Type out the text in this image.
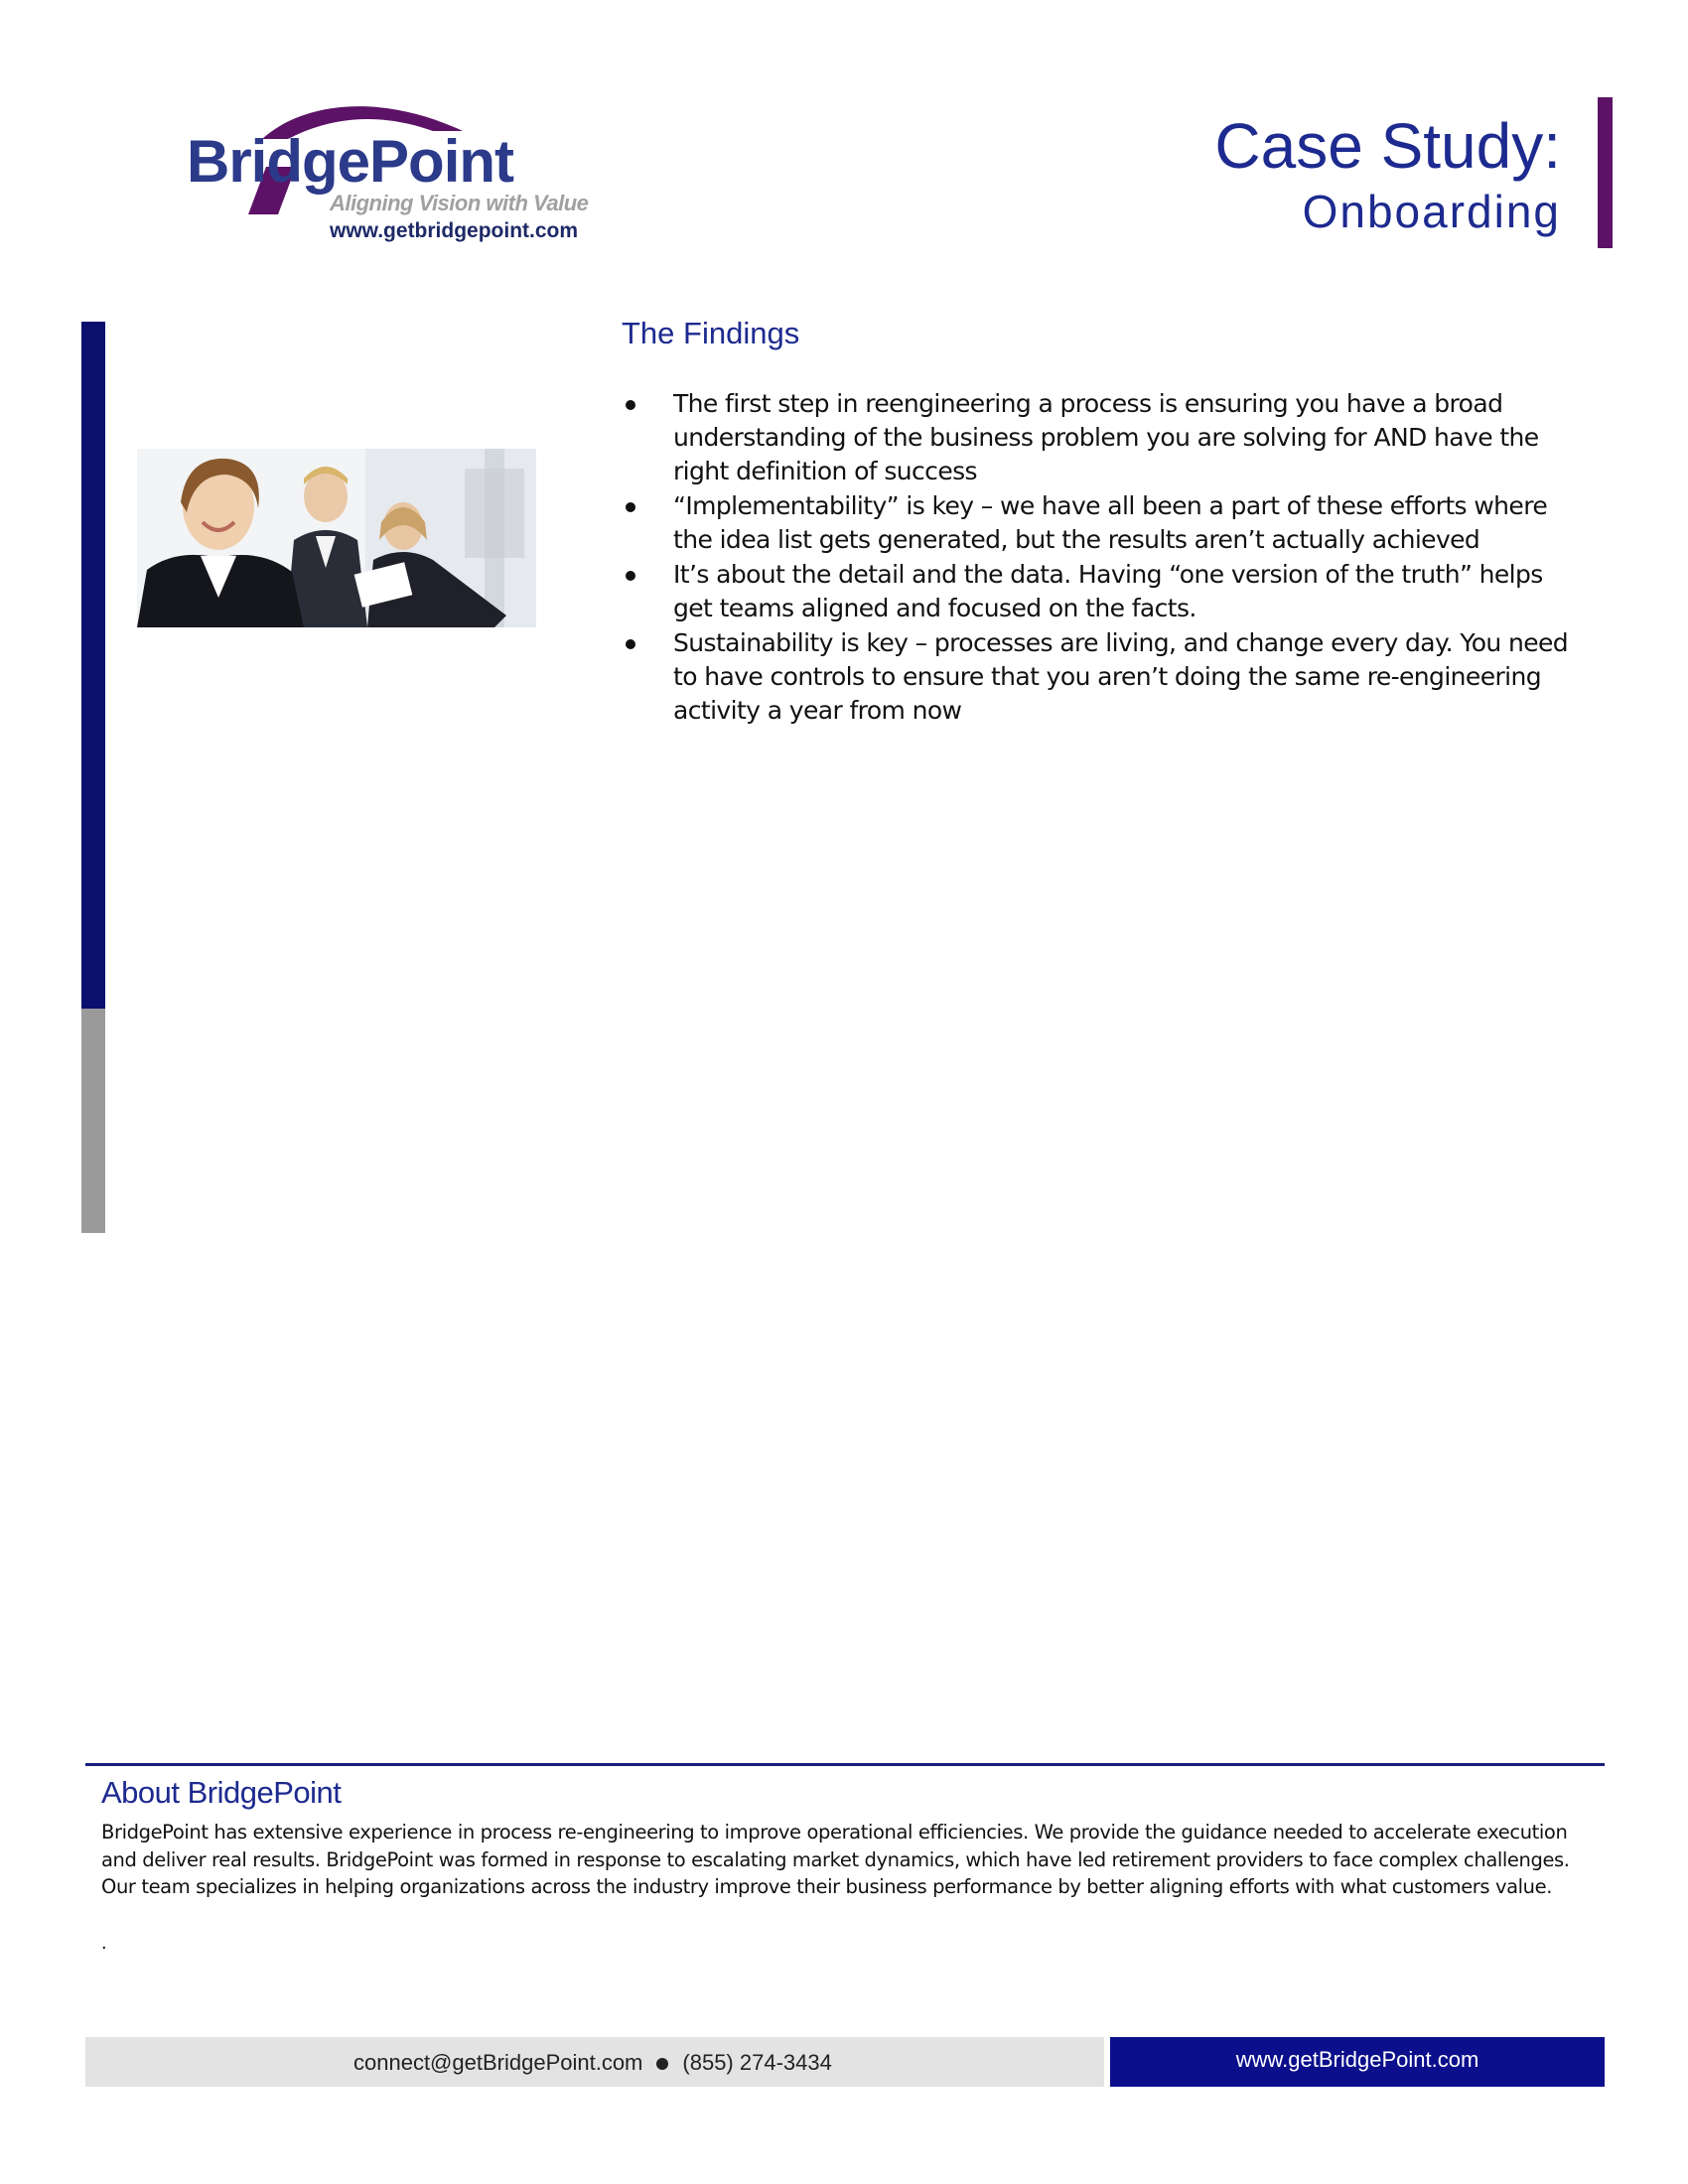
BridgePoint
Aligning Vision with Value
www.getbridgepoint.com
Case Study:
Onboarding
The Findings
The first step in reengineering a process is ensuring you have a broad understanding of the business problem you are solving for AND have the right definition of success
“Implementability” is key – we have all been a part of these efforts where the idea list gets generated, but the results aren’t actually achieved
It’s about the detail and the data. Having “one version of the truth” helps get teams aligned and focused on the facts.
Sustainability is key – processes are living, and change every day. You need to have controls to ensure that you aren’t doing the same re-engineering activity a year from now
About BridgePoint

BridgePoint has extensive experience in process re-engineering to improve operational efficiencies. We provide the guidance needed to accelerate execution and deliver real results. BridgePoint was formed in response to escalating market dynamics, which have led retirement providers to face complex challenges. Our team specializes in helping organizations across the industry improve their business performance by better aligning efforts with what customers value.

.
connect@getBridgePoint.com (855) 274-3434	www.getBridgePoint.com
